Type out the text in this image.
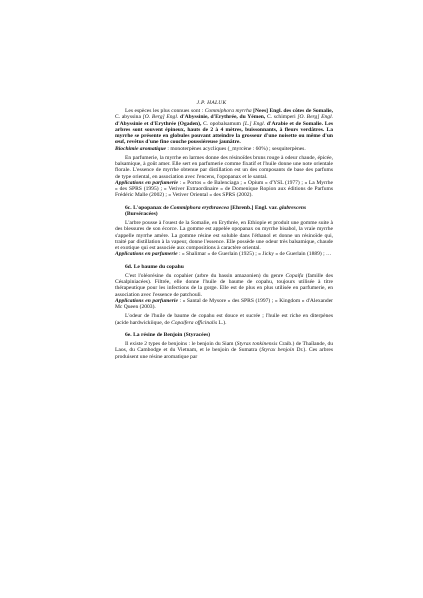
J.P. HALUK

Les espèces les plus connues sont : Commiphora myrrha [Nees] Engl. des côtes de Somalie, C. abyssina [O. Berg] Engl. d'Abyssinie, d'Erythrée, du Yémen, C. schimperi [O. Berg] Engl. d'Abyssinie et d'Erythrée (Ogaden), C. opobalsamum [L.] Engl. d'Arabie et de Somalie. Les arbres sont souvent épineux, hauts de 2 à 4 mètres, buissonnants, à fleurs verdâtres. La myrrhe se présente en globules pouvant atteindre la grosseur d'une noisette ou même d'un œuf, revêtus d'une fine couche poussiéreuse jaunâtre.

Biochimie aromatique : monoterpènes acycliques (_myrcène : 60%) ; sesquiterpènes.

En parfumerie, la myrrhe en larmes donne des résinoïdes bruns rouge à odeur chaude, épicée, balsamique, à goût amer. Elle sert en parfumerie comme fixatif et l'huile donne une note orientale florale. L'essence de myrrhe obtenue par distillation est un des composants de base des parfums de type oriental, en association avec l'encens, l'opopanax et le santal.

Applications en parfumerie : « Portos » de Balenciaga ; « Opium » d'YSL (1977) ; « La Myrrhe » des SPRS (1995) ; « Vetiver Extraordinaire » de Domenique Ropion aux éditions de Parfums Frédéric Malle (2002) ; « Vetiver Oriental » des SPRS (2002).

6c. L'opopanax de Commiphora erythraecea [Ehrenb.] Engl. var. glabrescens (Burséracées)

L'arbre pousse à l'ouest de la Somalie, en Erythrée, en Ethiopie et produit une gomme suite à des blessures de son écorce. La gomme est appelée opopanax ou myrrhe bisabol, la vraie myrrhe s'appelle myrrhe amère. La gomme résine est soluble dans l'éthanol et donne un résinoïde qui, traité par distillation à la vapeur, donne l'essence. Elle possède une odeur très balsamique, chaude et exotique qui est associée aux compositions à caractère oriental.

Applications en parfumerie : « Shalimar » de Guerlain (1925) ; « Jicky » de Guerlain (1889) ; …

6d. Le baume du copahu

C'est l'oléorésine du copahier (arbre du bassin amazonien) du genre Copaifa (famille des Césalpiniacées). Filtrée, elle donne l'huile de baume de copahu, toujours utilisée à titre thérapeutique pour les infections de la gorge. Elle est de plus en plus utilisée en parfumerie, en association avec l'essence de patchouli.

Applications en parfumerie : « Santal de Mysore » des SPRS (1997) ; « Kingdom » d'Alexander Mc Queen (2003).

L'odeur de l'huile de baume de copahu est douce et sucrée ; l'huile est riche en diterpènes (acide hardwickiique, de Copaifera officinalis L.).

6e. La résine de Benjoin (Styracées)

Il existe 2 types de benjoins : le benjoin du Siam (Styrax tonkinensis Craib.) de Thaïlande, du Laos, du Cambodge et du Vietnam, et le benjoin de Sumatra (Styrax benjoin Dr.). Ces arbres produisent une résine aromatique par
